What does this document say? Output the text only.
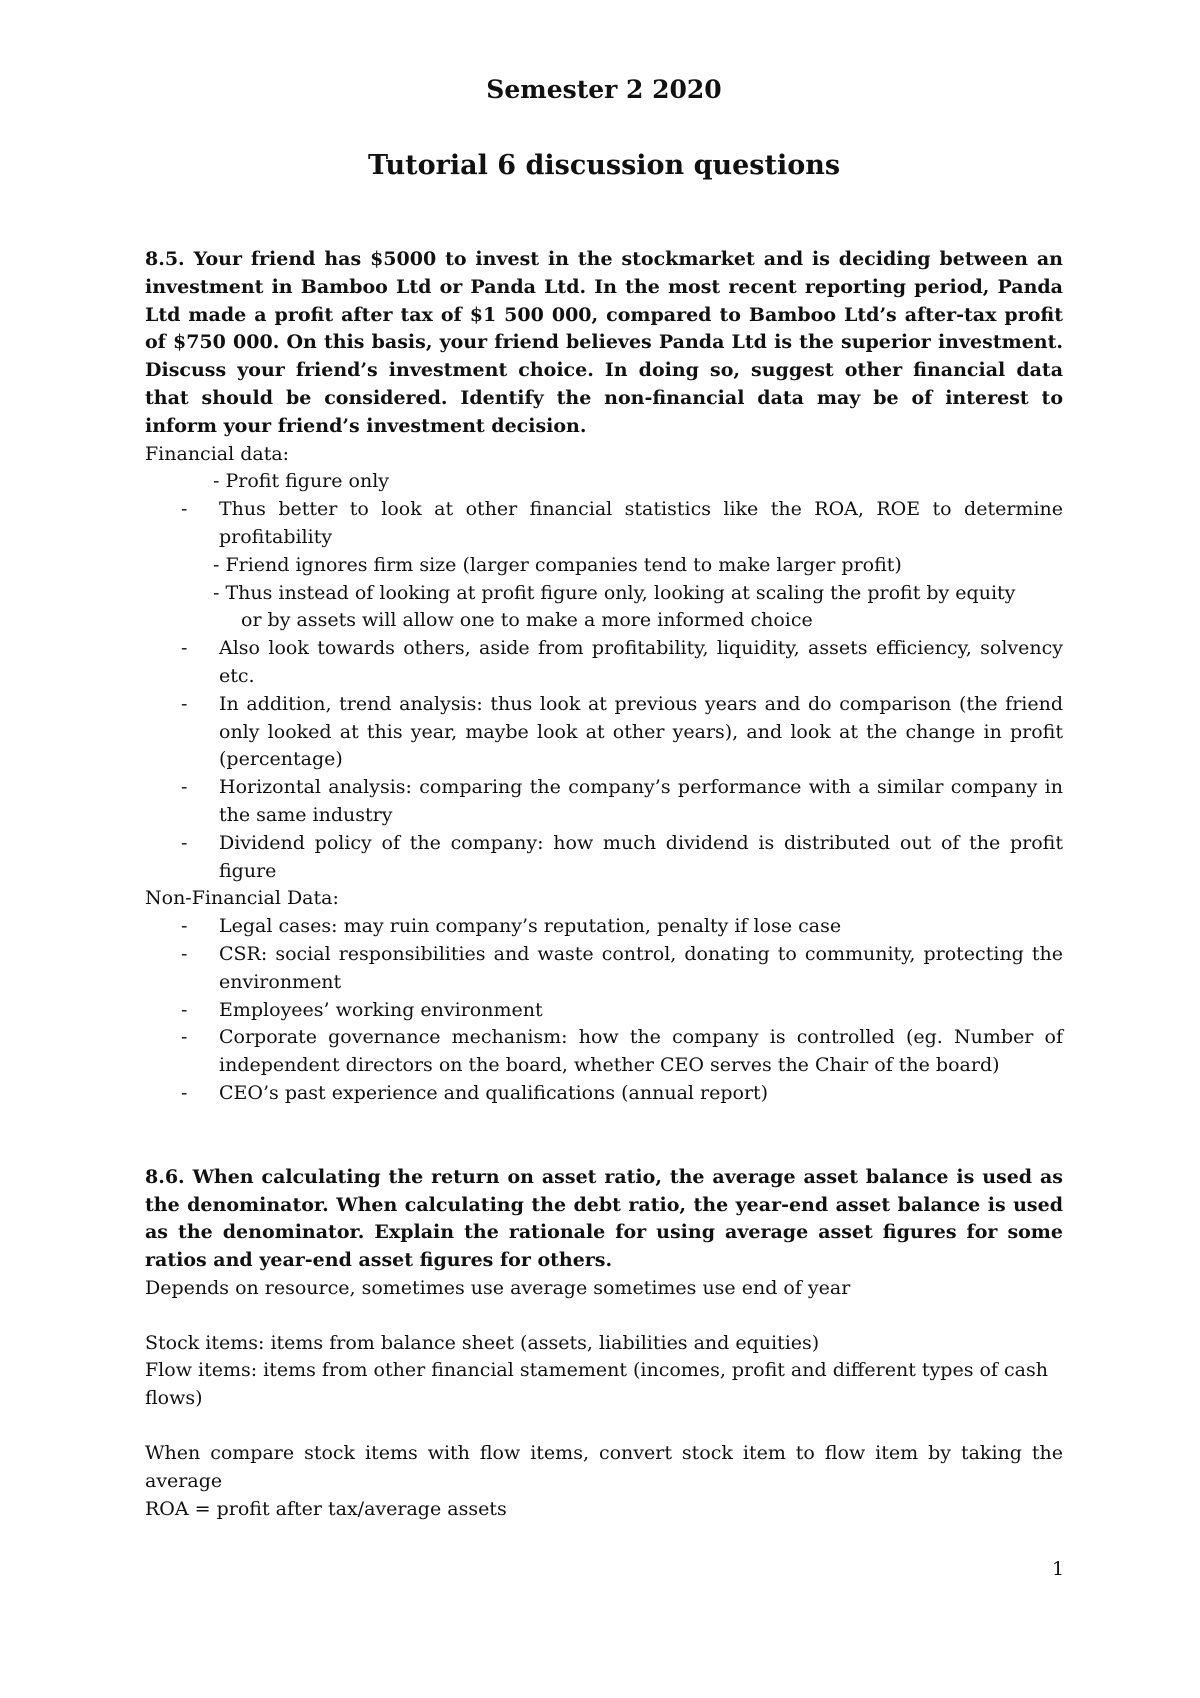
Semester 2 2020
Tutorial 6 discussion questions

8.5. Your friend has $5000 to invest in the stockmarket and is deciding between an investment in Bamboo Ltd or Panda Ltd. In the most recent reporting period, Panda Ltd made a profit after tax of $1 500 000, compared to Bamboo Ltd’s after-tax profit of $750 000. On this basis, your friend believes Panda Ltd is the superior investment. Discuss your friend’s investment choice. In doing so, suggest other financial data that should be considered. Identify the non-financial data may be of interest to inform your friend’s investment decision.

Financial data:

- Profit figure only
- Thus better to look at other financial statistics like the ROA, ROE to determine profitability
- Friend ignores firm size (larger companies tend to make larger profit)
- Thus instead of looking at profit figure only, looking at scaling the profit by equity
or by assets will allow one to make a more informed choice
- Also look towards others, aside from profitability, liquidity, assets efficiency, solvency etc.
- In addition, trend analysis: thus look at previous years and do comparison (the friend only looked at this year, maybe look at other years), and look at the change in profit (percentage)
- Horizontal analysis: comparing the company’s performance with a similar company in the same industry
- Dividend policy of the company: how much dividend is distributed out of the profit figure

Non-Financial Data:

- Legal cases: may ruin company’s reputation, penalty if lose case
- CSR: social responsibilities and waste control, donating to community, protecting the environment
- Employees’ working environment
- Corporate governance mechanism: how the company is controlled (eg. Number of independent directors on the board, whether CEO serves the Chair of the board)
- CEO’s past experience and qualifications (annual report)

8.6. When calculating the return on asset ratio, the average asset balance is used as the denominator. When calculating the debt ratio, the year-end asset balance is used as the denominator. Explain the rationale for using average asset figures for some ratios and year-end asset figures for others.

Depends on resource, sometimes use average sometimes use end of year

Stock items: items from balance sheet (assets, liabilities and equities)

Flow items: items from other financial stamement (incomes, profit and different types of cash flows)

When compare stock items with flow items, convert stock item to flow item by taking the average

ROA = profit after tax/average assets

1
